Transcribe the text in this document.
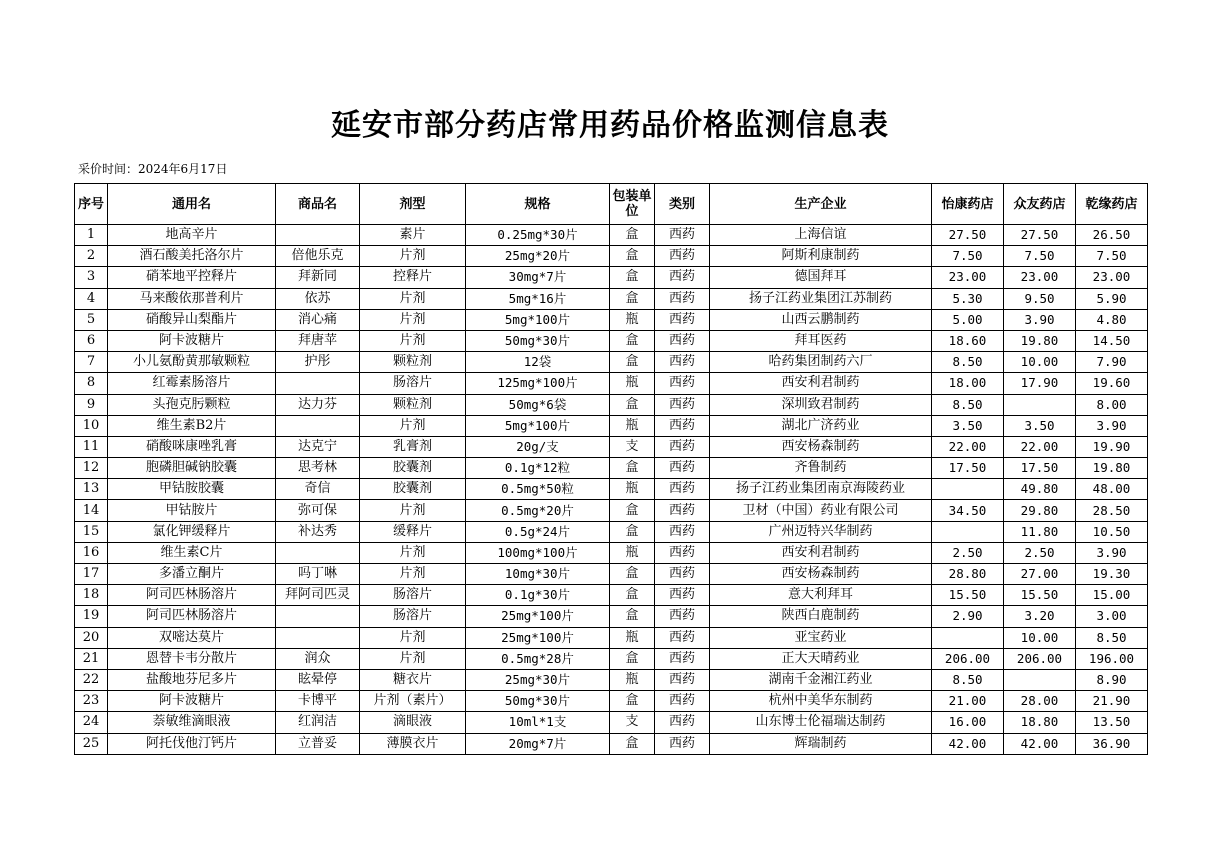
延安市部分药店常用药品价格监测信息表
采价时间：2024年6月17日
序号	通用名	商品名	剂型	规格	包装单位	类别	生产企业	怡康药店	众友药店	乾缘药店
1	地高辛片		素片	0.25mg*30片	盒	西药	上海信谊	27.50	27.50	26.50
2	酒石酸美托洛尔片	倍他乐克	片剂	25mg*20片	盒	西药	阿斯利康制药	7.50	7.50	7.50
3	硝苯地平控释片	拜新同	控释片	30mg*7片	盒	西药	德国拜耳	23.00	23.00	23.00
4	马来酸依那普利片	依苏	片剂	5mg*16片	盒	西药	扬子江药业集团江苏制药	5.30	9.50	5.90
5	硝酸异山梨酯片	消心痛	片剂	5mg*100片	瓶	西药	山西云鹏制药	5.00	3.90	4.80
6	阿卡波糖片	拜唐苹	片剂	50mg*30片	盒	西药	拜耳医药	18.60	19.80	14.50
7	小儿氨酚黄那敏颗粒	护彤	颗粒剂	12袋	盒	西药	哈药集团制药六厂	8.50	10.00	7.90
8	红霉素肠溶片		肠溶片	125mg*100片	瓶	西药	西安利君制药	18.00	17.90	19.60
9	头孢克肟颗粒	达力芬	颗粒剂	50mg*6袋	盒	西药	深圳致君制药	8.50		8.00
10	维生素B2片		片剂	5mg*100片	瓶	西药	湖北广济药业	3.50	3.50	3.90
11	硝酸咪康唑乳膏	达克宁	乳膏剂	20g/支	支	西药	西安杨森制药	22.00	22.00	19.90
12	胞磷胆碱钠胶囊	思考林	胶囊剂	0.1g*12粒	盒	西药	齐鲁制药	17.50	17.50	19.80
13	甲钴胺胶囊	奇信	胶囊剂	0.5mg*50粒	瓶	西药	扬子江药业集团南京海陵药业		49.80	48.00
14	甲钴胺片	弥可保	片剂	0.5mg*20片	盒	西药	卫材（中国）药业有限公司	34.50	29.80	28.50
15	氯化钾缓释片	补达秀	缓释片	0.5g*24片	盒	西药	广州迈特兴华制药		11.80	10.50
16	维生素C片		片剂	100mg*100片	瓶	西药	西安利君制药	2.50	2.50	3.90
17	多潘立酮片	吗丁啉	片剂	10mg*30片	盒	西药	西安杨森制药	28.80	27.00	19.30
18	阿司匹林肠溶片	拜阿司匹灵	肠溶片	0.1g*30片	盒	西药	意大利拜耳	15.50	15.50	15.00
19	阿司匹林肠溶片		肠溶片	25mg*100片	盒	西药	陕西白鹿制药	2.90	3.20	3.00
20	双嘧达莫片		片剂	25mg*100片	瓶	西药	亚宝药业		10.00	8.50
21	恩替卡韦分散片	润众	片剂	0.5mg*28片	盒	西药	正大天晴药业	206.00	206.00	196.00
22	盐酸地芬尼多片	眩晕停	糖衣片	25mg*30片	瓶	西药	湖南千金湘江药业	8.50		8.90
23	阿卡波糖片	卡博平	片剂（素片）	50mg*30片	盒	西药	杭州中美华东制药	21.00	28.00	21.90
24	萘敏维滴眼液	红润洁	滴眼液	10ml*1支	支	西药	山东博士伦福瑞达制药	16.00	18.80	13.50
25	阿托伐他汀钙片	立普妥	薄膜衣片	20mg*7片	盒	西药	辉瑞制药	42.00	42.00	36.90
